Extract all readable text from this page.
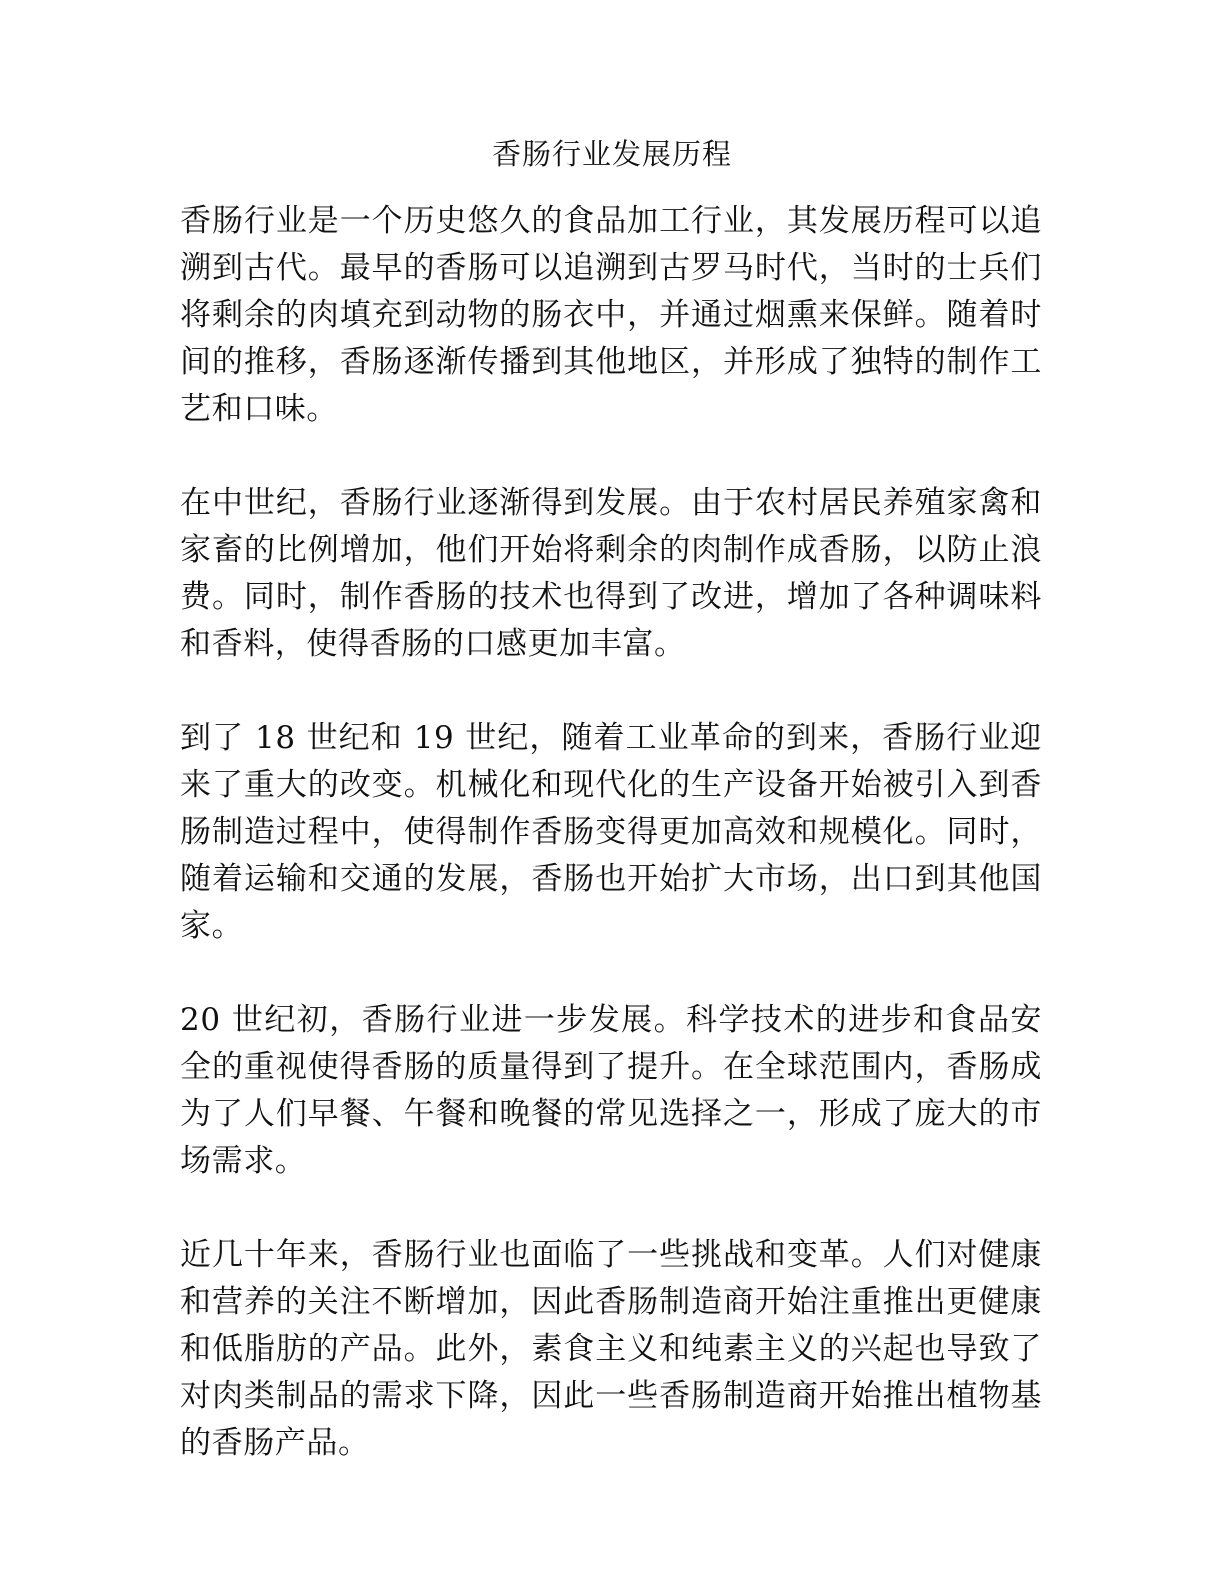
香肠行业发展历程

香肠行业是一个历史悠久的食品加工行业，其发展历程可以追溯到古代。最早的香肠可以追溯到古罗马时代，当时的士兵们将剩余的肉填充到动物的肠衣中，并通过烟熏来保鲜。随着时间的推移，香肠逐渐传播到其他地区，并形成了独特的制作工艺和口味。

在中世纪，香肠行业逐渐得到发展。由于农村居民养殖家禽和家畜的比例增加，他们开始将剩余的肉制作成香肠，以防止浪费。同时，制作香肠的技术也得到了改进，增加了各种调味料和香料，使得香肠的口感更加丰富。

到了 18 世纪和 19 世纪，随着工业革命的到来，香肠行业迎来了重大的改变。机械化和现代化的生产设备开始被引入到香肠制造过程中，使得制作香肠变得更加高效和规模化。同时，随着运输和交通的发展，香肠也开始扩大市场，出口到其他国家。

20 世纪初，香肠行业进一步发展。科学技术的进步和食品安全的重视使得香肠的质量得到了提升。在全球范围内，香肠成为了人们早餐、午餐和晚餐的常见选择之一，形成了庞大的市场需求。

近几十年来，香肠行业也面临了一些挑战和变革。人们对健康和营养的关注不断增加，因此香肠制造商开始注重推出更健康和低脂肪的产品。此外，素食主义和纯素主义的兴起也导致了对肉类制品的需求下降，因此一些香肠制造商开始推出植物基的香肠产品。
